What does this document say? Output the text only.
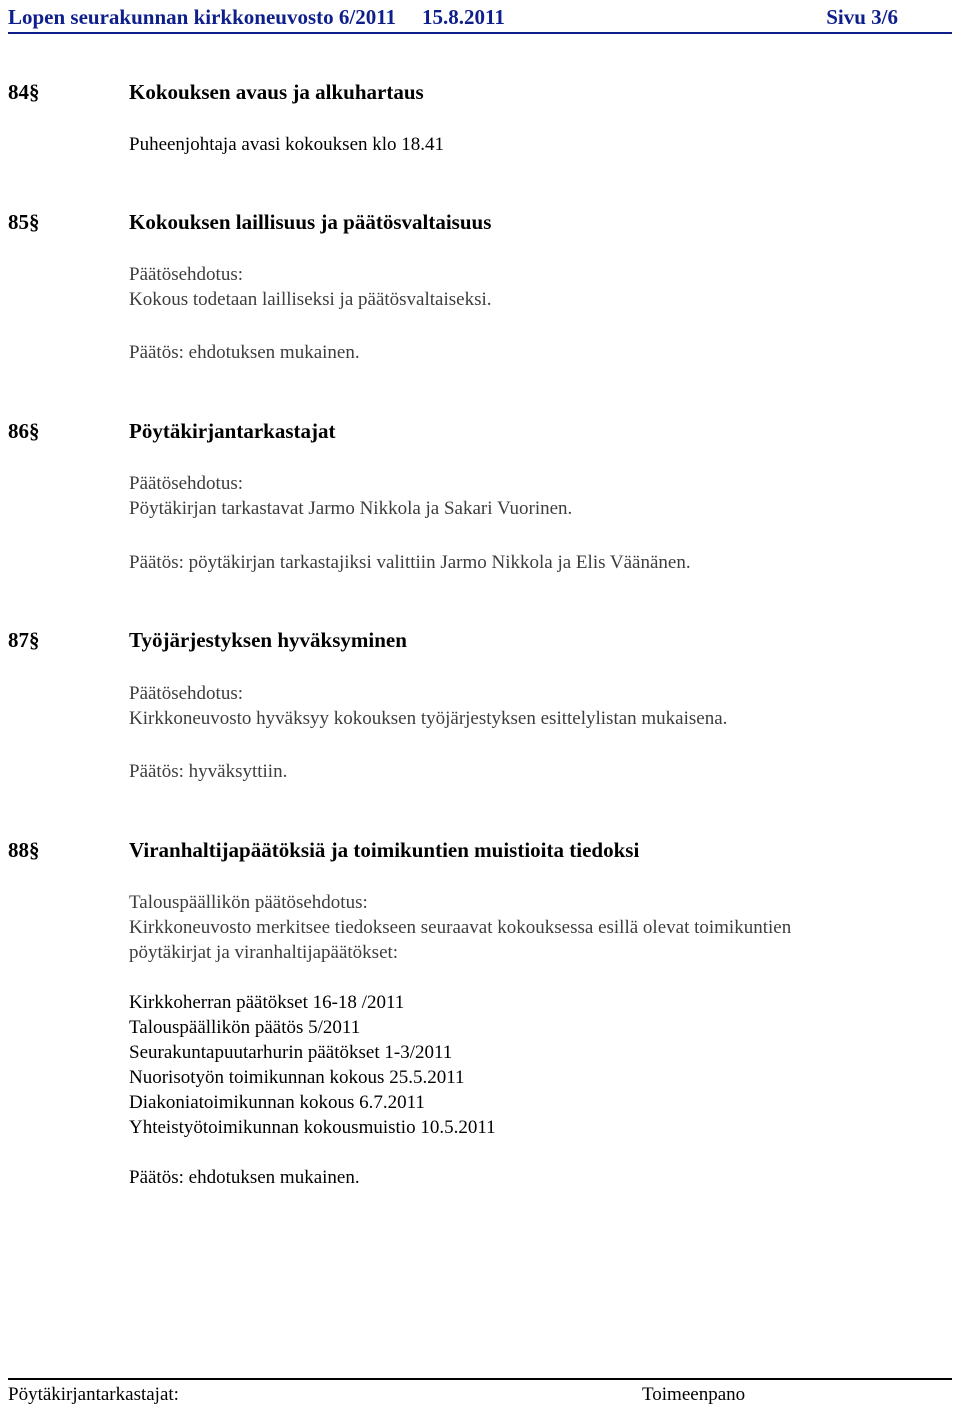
Lopen seurakunnan kirkkoneuvosto 6/2011 15.8.2011	Sivu 3/6
84 §	Kokouksen avaus ja alkuhartaus
Puheenjohtaja avasi kokouksen klo 18.41
85 §	Kokouksen laillisuus ja päätösvaltaisuus
Päätösehdotus:
Kokous todetaan lailliseksi ja päätösvaltaiseksi.
Päätös: ehdotuksen mukainen.
86 §	Pöytäkirjantarkastajat
Päätösehdotus:
Pöytäkirjan tarkastavat Jarmo Nikkola ja Sakari Vuorinen.
Päätös: pöytäkirjan tarkastajiksi valittiin Jarmo Nikkola ja Elis Väänänen.
87 §	Työjärjestyksen hyväksyminen
Päätösehdotus:
Kirkkoneuvosto hyväksyy kokouksen työjärjestyksen esittelylistan mukaisena.
Päätös: hyväksyttiin.
88 §	Viranhaltijapäätöksiä ja toimikuntien muistioita tiedoksi
Talouspäällikön päätösehdotus:
Kirkkoneuvosto merkitsee tiedokseen seuraavat kokouksessa esillä olevat toimikuntien
pöytäkirjat ja viranhaltijapäätökset:
Kirkkoherran päätökset 16-18 /2011
Talouspäällikön päätös 5/2011
Seurakuntapuutarhurin päätökset 1-3/2011
Nuorisotyön toimikunnan kokous 25.5.2011
Diakoniatoimikunnan kokous 6.7.2011
Yhteistyötoimikunnan kokousmuistio 10.5.2011
Päätös: ehdotuksen mukainen.
Pöytäkirjantarkastajat:	Toimeenpano
